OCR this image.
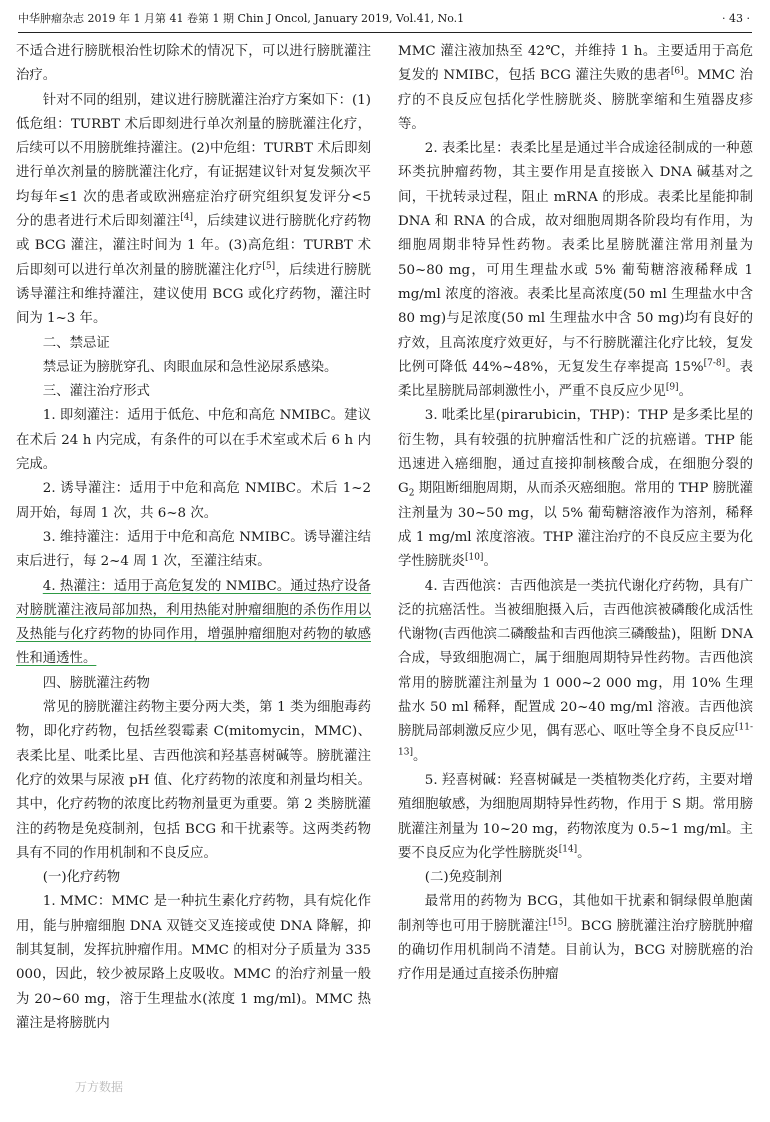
中华肿瘤杂志 2019 年 1 月第 41 卷第 1 期 Chin J Oncol, January 2019, Vol.41, No.1	· 43 ·

不适合进行膀胱根治性切除术的情况下，可以进行膀胱灌注治疗。

针对不同的组别，建议进行膀胱灌注治疗方案如下：(1)低危组：TURBT 术后即刻进行单次剂量的膀胱灌注化疗，后续可以不用膀胱维持灌注。(2)中危组：TURBT 术后即刻进行单次剂量的膀胱灌注化疗，有证据建议针对复发频次平均每年≤1 次的患者或欧洲癌症治疗研究组织复发评分<5 分的患者进行术后即刻灌注[4]，后续建议进行膀胱化疗药物或 BCG 灌注，灌注时间为 1 年。(3)高危组：TURBT 术后即刻可以进行单次剂量的膀胱灌注化疗[5]，后续进行膀胱诱导灌注和维持灌注，建议使用 BCG 或化疗药物，灌注时间为 1~3 年。

二、禁忌证

禁忌证为膀胱穿孔、肉眼血尿和急性泌尿系感染。

三、灌注治疗形式

1. 即刻灌注：适用于低危、中危和高危 NMIBC。建议在术后 24 h 内完成，有条件的可以在手术室或术后 6 h 内完成。

2. 诱导灌注：适用于中危和高危 NMIBC。术后 1~2 周开始，每周 1 次，共 6~8 次。

3. 维持灌注：适用于中危和高危 NMIBC。诱导灌注结束后进行，每 2~4 周 1 次，至灌注结束。

4. 热灌注：适用于高危复发的 NMIBC。通过热疗设备对膀胱灌注液局部加热，利用热能对肿瘤细胞的杀伤作用以及热能与化疗药物的协同作用，增强肿瘤细胞对药物的敏感性和通透性。

四、膀胱灌注药物

常见的膀胱灌注药物主要分两大类，第 1 类为细胞毒药物，即化疗药物，包括丝裂霉素 C(mitomycin，MMC)、表柔比星、吡柔比星、吉西他滨和羟基喜树碱等。膀胱灌注化疗的效果与尿液 pH 值、化疗药物的浓度和剂量均相关。其中，化疗药物的浓度比药物剂量更为重要。第 2 类膀胱灌注的药物是免疫制剂，包括 BCG 和干扰素等。这两类药物具有不同的作用机制和不良反应。

(一)化疗药物

1. MMC：MMC 是一种抗生素化疗药物，具有烷化作用，能与肿瘤细胞 DNA 双链交叉连接或使 DNA 降解，抑制其复制，发挥抗肿瘤作用。MMC 的相对分子质量为 335 000，因此，较少被尿路上皮吸收。MMC 的治疗剂量一般为 20~60 mg，溶于生理盐水(浓度 1 mg/ml)。MMC 热灌注是将膀胱内

MMC 灌注液加热至 42℃，并维持 1 h。主要适用于高危复发的 NMIBC，包括 BCG 灌注失败的患者[6]。MMC 治疗的不良反应包括化学性膀胱炎、膀胱挛缩和生殖器皮疹等。

2. 表柔比星：表柔比星是通过半合成途径制成的一种蒽环类抗肿瘤药物，其主要作用是直接嵌入 DNA 碱基对之间，干扰转录过程，阻止 mRNA 的形成。表柔比星能抑制 DNA 和 RNA 的合成，故对细胞周期各阶段均有作用，为细胞周期非特异性药物。表柔比星膀胱灌注常用剂量为 50~80 mg，可用生理盐水或 5% 葡萄糖溶液稀释成 1 mg/ml 浓度的溶液。表柔比星高浓度(50 ml 生理盐水中含 80 mg)与足浓度(50 ml 生理盐水中含 50 mg)均有良好的疗效，且高浓度疗效更好，与不行膀胱灌注化疗比较，复发比例可降低 44%~48%，无复发生存率提高 15%[7-8]。表柔比星膀胱局部刺激性小，严重不良反应少见[9]。

3. 吡柔比星(pirarubicin，THP)：THP 是多柔比星的衍生物，具有较强的抗肿瘤活性和广泛的抗癌谱。THP 能迅速进入癌细胞，通过直接抑制核酸合成，在细胞分裂的 $G_2$ 期阻断细胞周期，从而杀灭癌细胞。常用的 THP 膀胱灌注剂量为 30~50 mg，以 5% 葡萄糖溶液作为溶剂，稀释成 1 mg/ml 浓度溶液。THP 灌注治疗的不良反应主要为化学性膀胱炎[10]。

4. 吉西他滨：吉西他滨是一类抗代谢化疗药物，具有广泛的抗癌活性。当被细胞摄入后，吉西他滨被磷酸化成活性代谢物(吉西他滨二磷酸盐和吉西他滨三磷酸盐)，阻断 DNA 合成，导致细胞凋亡，属于细胞周期特异性药物。吉西他滨常用的膀胱灌注剂量为 1 000~2 000 mg，用 10% 生理盐水 50 ml 稀释，配置成 20~40 mg/ml 溶液。吉西他滨膀胱局部刺激反应少见，偶有恶心、呕吐等全身不良反应[11-13]。

5. 羟喜树碱：羟喜树碱是一类植物类化疗药，主要对增殖细胞敏感，为细胞周期特异性药物，作用于 S 期。常用膀胱灌注剂量为 10~20 mg，药物浓度为 0.5~1 mg/ml。主要不良反应为化学性膀胱炎[14]。

(二)免疫制剂

最常用的药物为 BCG，其他如干扰素和铜绿假单胞菌制剂等也可用于膀胱灌注[15]。BCG 膀胱灌注治疗膀胱肿瘤的确切作用机制尚不清楚。目前认为，BCG 对膀胱癌的治疗作用是通过直接杀伤肿瘤

万方数据
